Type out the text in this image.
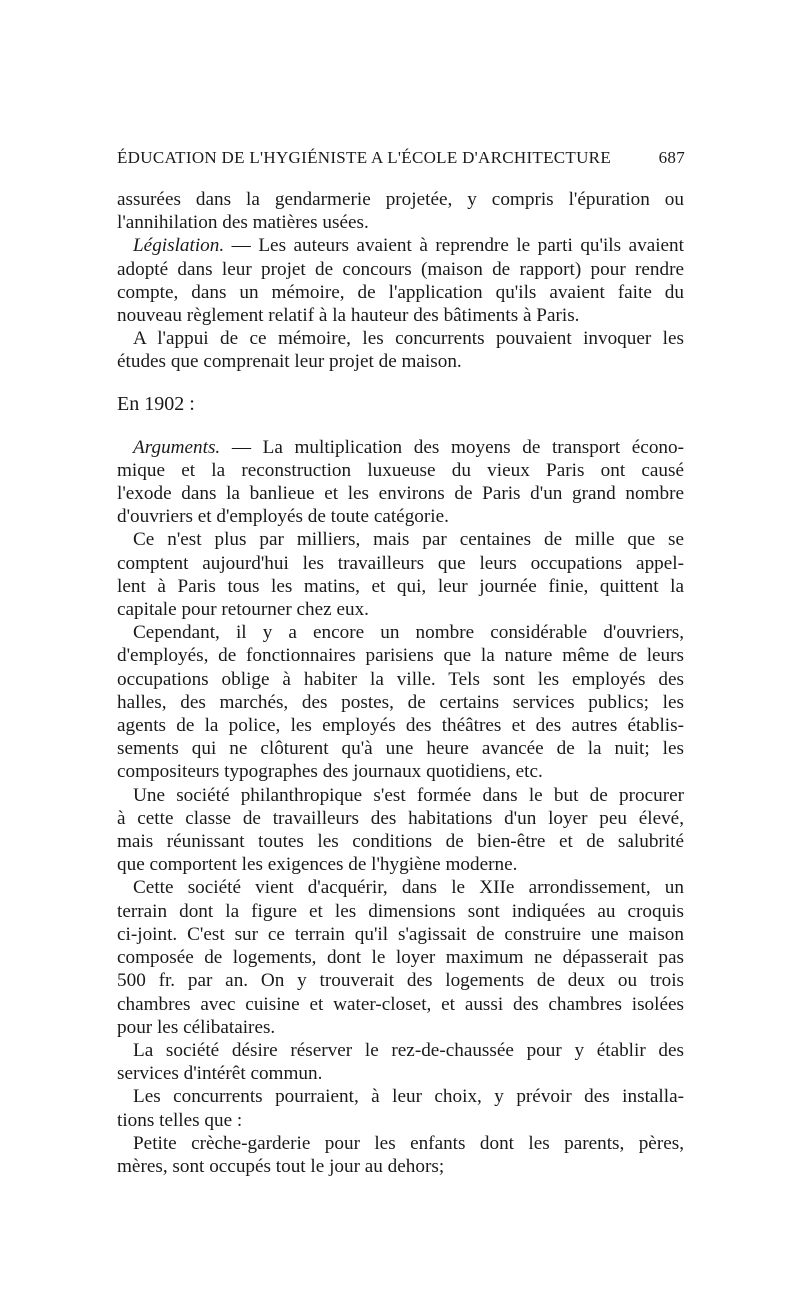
ÉDUCATION DE L'HYGIÉNISTE A L'ÉCOLE D'ARCHITECTURE	687

assurées dans la gendarmerie projetée, y compris l'épuration ou

l'annihilation des matières usées.

Législation. — Les auteurs avaient à reprendre le parti qu'ils avaient

adopté dans leur projet de concours (maison de rapport) pour rendre

compte, dans un mémoire, de l'application qu'ils avaient faite du

nouveau règlement relatif à la hauteur des bâtiments à Paris.

A l'appui de ce mémoire, les concurrents pouvaient invoquer les

études que comprenait leur projet de maison.

En 1902 :

Arguments. — La multiplication des moyens de transport écono-

mique et la reconstruction luxueuse du vieux Paris ont causé

l'exode dans la banlieue et les environs de Paris d'un grand nombre

d'ouvriers et d'employés de toute catégorie.

Ce n'est plus par milliers, mais par centaines de mille que se

comptent aujourd'hui les travailleurs que leurs occupations appel-

lent à Paris tous les matins, et qui, leur journée finie, quittent la

capitale pour retourner chez eux.

Cependant, il y a encore un nombre considérable d'ouvriers,

d'employés, de fonctionnaires parisiens que la nature même de leurs

occupations oblige à habiter la ville. Tels sont les employés des

halles, des marchés, des postes, de certains services publics; les

agents de la police, les employés des théâtres et des autres établis-

sements qui ne clôturent qu'à une heure avancée de la nuit; les

compositeurs typographes des journaux quotidiens, etc.

Une société philanthropique s'est formée dans le but de procurer

à cette classe de travailleurs des habitations d'un loyer peu élevé,

mais réunissant toutes les conditions de bien-être et de salubrité

que comportent les exigences de l'hygiène moderne.

Cette société vient d'acquérir, dans le XIIe arrondissement, un

terrain dont la figure et les dimensions sont indiquées au croquis

ci-joint. C'est sur ce terrain qu'il s'agissait de construire une maison

composée de logements, dont le loyer maximum ne dépasserait pas

500 fr. par an. On y trouverait des logements de deux ou trois

chambres avec cuisine et water-closet, et aussi des chambres isolées

pour les célibataires.

La société désire réserver le rez-de-chaussée pour y établir des

services d'intérêt commun.

Les concurrents pourraient, à leur choix, y prévoir des installa-

tions telles que :

Petite crèche-garderie pour les enfants dont les parents, pères,

mères, sont occupés tout le jour au dehors;
